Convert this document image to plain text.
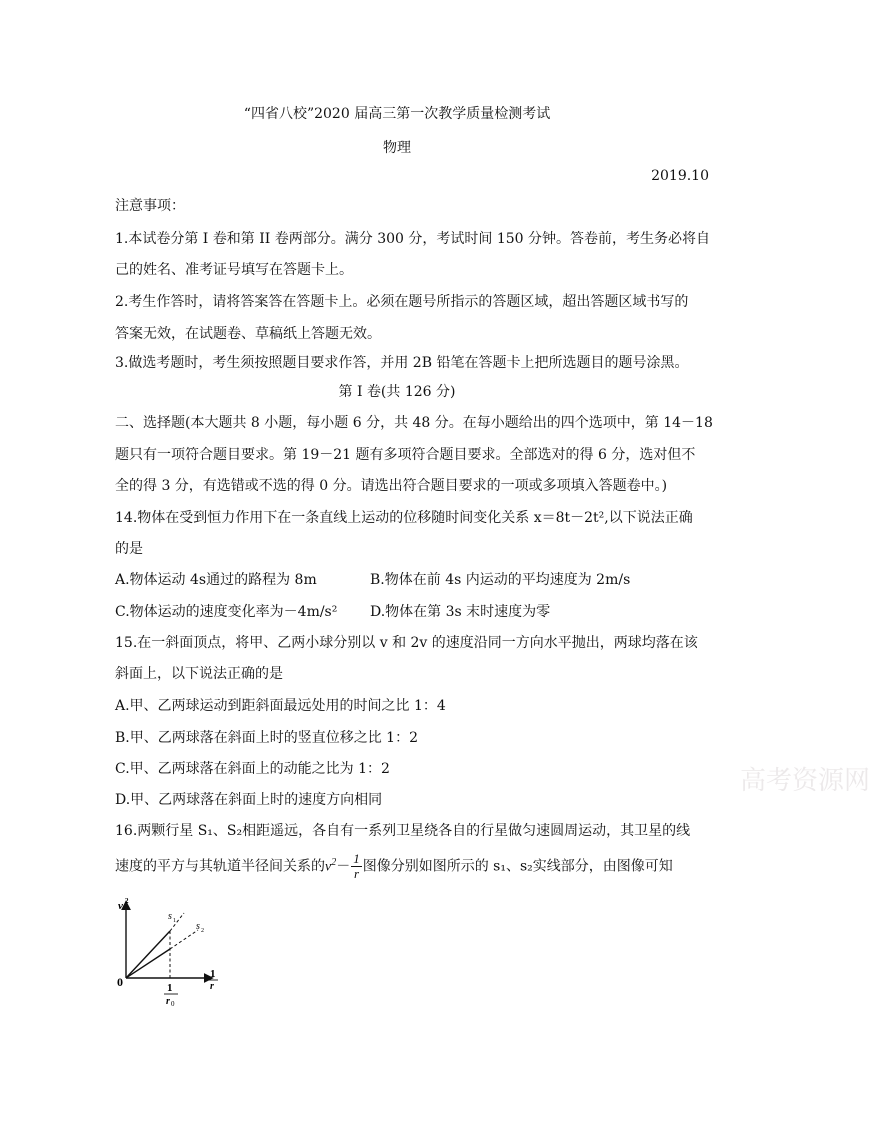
“四省八校”2020 届高三第一次教学质量检测考试
物理
2019.10
注意事项：
1.本试卷分第 I 卷和第 II 卷两部分。满分 300 分，考试时间 150 分钟。答卷前，考生务必将自
己的姓名、准考证号填写在答题卡上。
2.考生作答时，请将答案答在答题卡上。必须在题号所指示的答题区域，超出答题区域书写的
答案无效，在试题卷、草稿纸上答题无效。
3.做选考题时，考生须按照题目要求作答，并用 2B 铅笔在答题卡上把所选题目的题号涂黑。
第 I 卷(共 126 分)
二、选择题(本大题共 8 小题，每小题 6 分，共 48 分。在每小题给出的四个选项中，第 14－18
题只有一项符合题目要求。第 19－21 题有多项符合题目要求。全部选对的得 6 分，选对但不
全的得 3 分，有选错或不选的得 0 分。请选出符合题目要求的一项或多项填入答题卷中。)
14.物体在受到恒力作用下在一条直线上运动的位移随时间变化关系 x＝8t－2t²,以下说法正确
的是
A.物体运动 4s通过的路程为 8m	B.物体在前 4s 内运动的平均速度为 2m/s
C.物体运动的速度变化率为－4m/s² D.物体在第 3s 末时速度为零
15.在一斜面顶点，将甲、乙两小球分别以 v 和 2v 的速度沿同一方向水平抛出，两球均落在该
斜面上，以下说法正确的是
A.甲、乙两球运动到距斜面最远处用的时间之比 1：4
B.甲、乙两球落在斜面上时的竖直位移之比 1：2
C.甲、乙两球落在斜面上的动能之比为 1：2
D.甲、乙两球落在斜面上时的速度方向相同
16.两颗行星 S₁、S₂相距遥远，各自有一系列卫星绕各自的行星做匀速圆周运动，其卫星的线
速度的平方与其轨道半径间关系的$v^2- \frac{1}{r}$ 图像分别如图所示的 s₁、s₂实线部分，由图像可知
v 2
1
r
0	1
r 0
s 1 s 2
高考资源网
